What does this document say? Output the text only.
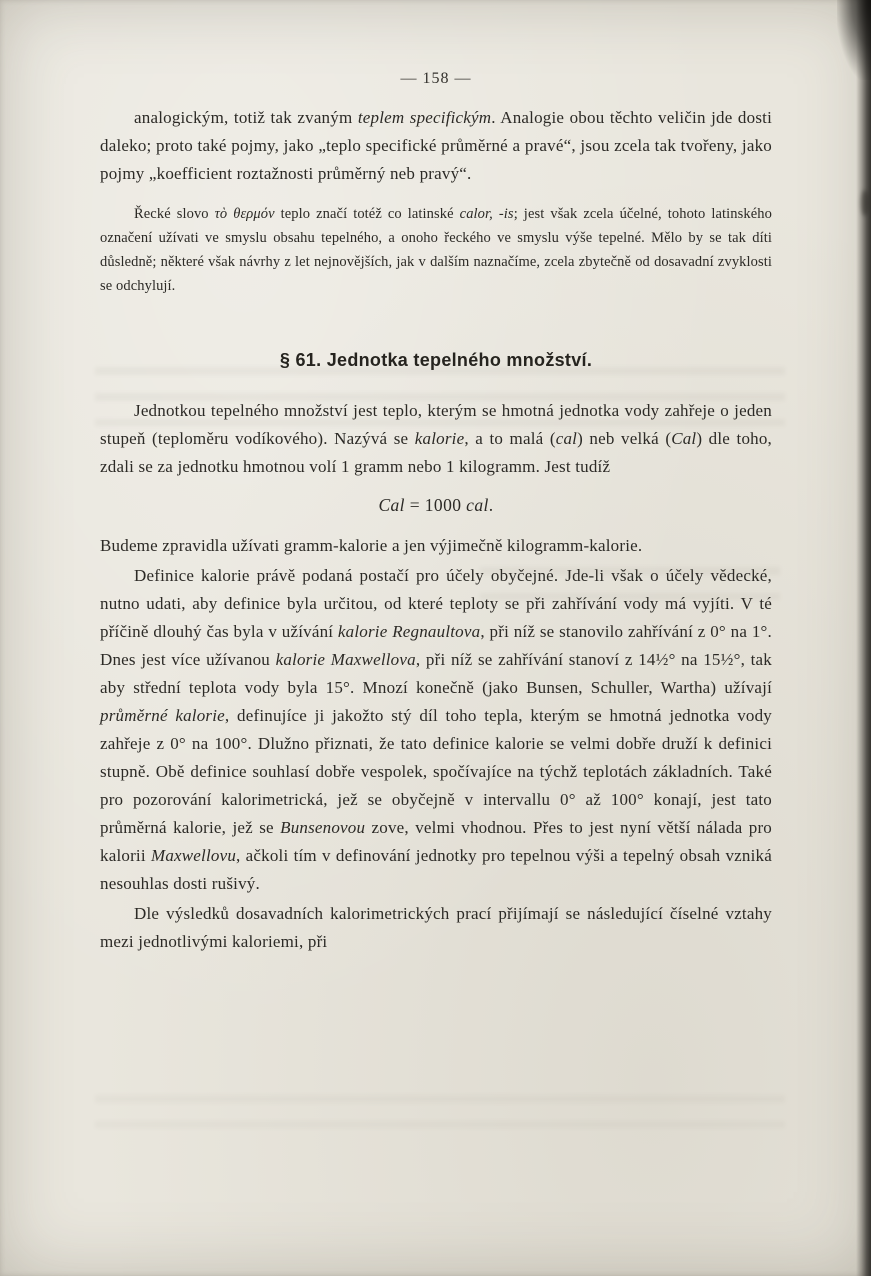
— 158 —

analogickým, totiž tak zvaným teplem specifickým. Analogie obou těchto veličin jde dosti daleko; proto také pojmy, jako „teplo specifické průměrné a pravé“, jsou zcela tak tvořeny, jako pojmy „koefficient roztažnosti průměrný neb pravý“.

Řecké slovo τὸ θερμόν teplo značí totéž co latinské calor, -is; jest však zcela účelné, tohoto latinského označení užívati ve smyslu obsahu tepelného, a onoho řeckého ve smyslu výše tepelné. Mělo by se tak díti důsledně; některé však návrhy z let nejnovějších, jak v dalším naznačíme, zcela zbytečně od dosavadní zvyklosti se odchylují.

§ 61. Jednotka tepelného množství.

Jednotkou tepelného množství jest teplo, kterým se hmotná jednotka vody zahřeje o jeden stupeň (teploměru vodíkového). Nazývá se kalorie, a to malá (cal) neb velká (Cal) dle toho, zdali se za jednotku hmotnou volí 1 gramm nebo 1 kilogramm. Jest tudíž

Cal = 1000 cal.

Budeme zpravidla užívati gramm-kalorie a jen výjimečně kilogramm-kalorie.

Definice kalorie právě podaná postačí pro účely obyčejné. Jde-li však o účely vědecké, nutno udati, aby definice byla určitou, od které teploty se při zahřívání vody má vyjíti. V té příčině dlouhý čas byla v užívání kalorie Regnaultova, při níž se stanovilo zahřívání z 0° na 1°. Dnes jest více užívanou kalorie Maxwellova, při níž se zahřívání stanoví z 14½° na 15½°, tak aby střední teplota vody byla 15°. Mnozí konečně (jako Bunsen, Schuller, Wartha) užívají průměrné kalorie, definujíce ji jakožto stý díl toho tepla, kterým se hmotná jednotka vody zahřeje z 0° na 100°. Dlužno přiznati, že tato definice kalorie se velmi dobře druží k definici stupně. Obě definice souhlasí dobře vespolek, spočívajíce na týchž teplotách základních. Také pro pozorování kalorimetrická, jež se obyčejně v intervallu 0° až 100° konají, jest tato průměrná kalorie, jež se Bunsenovou zove, velmi vhodnou. Přes to jest nyní větší nálada pro kalorii Maxwellovu, ačkoli tím v definování jednotky pro tepelnou výši a tepelný obsah vzniká nesouhlas dosti rušivý.

Dle výsledků dosavadních kalorimetrických prací přijímají se následující číselné vztahy mezi jednotlivými kaloriemi, při
